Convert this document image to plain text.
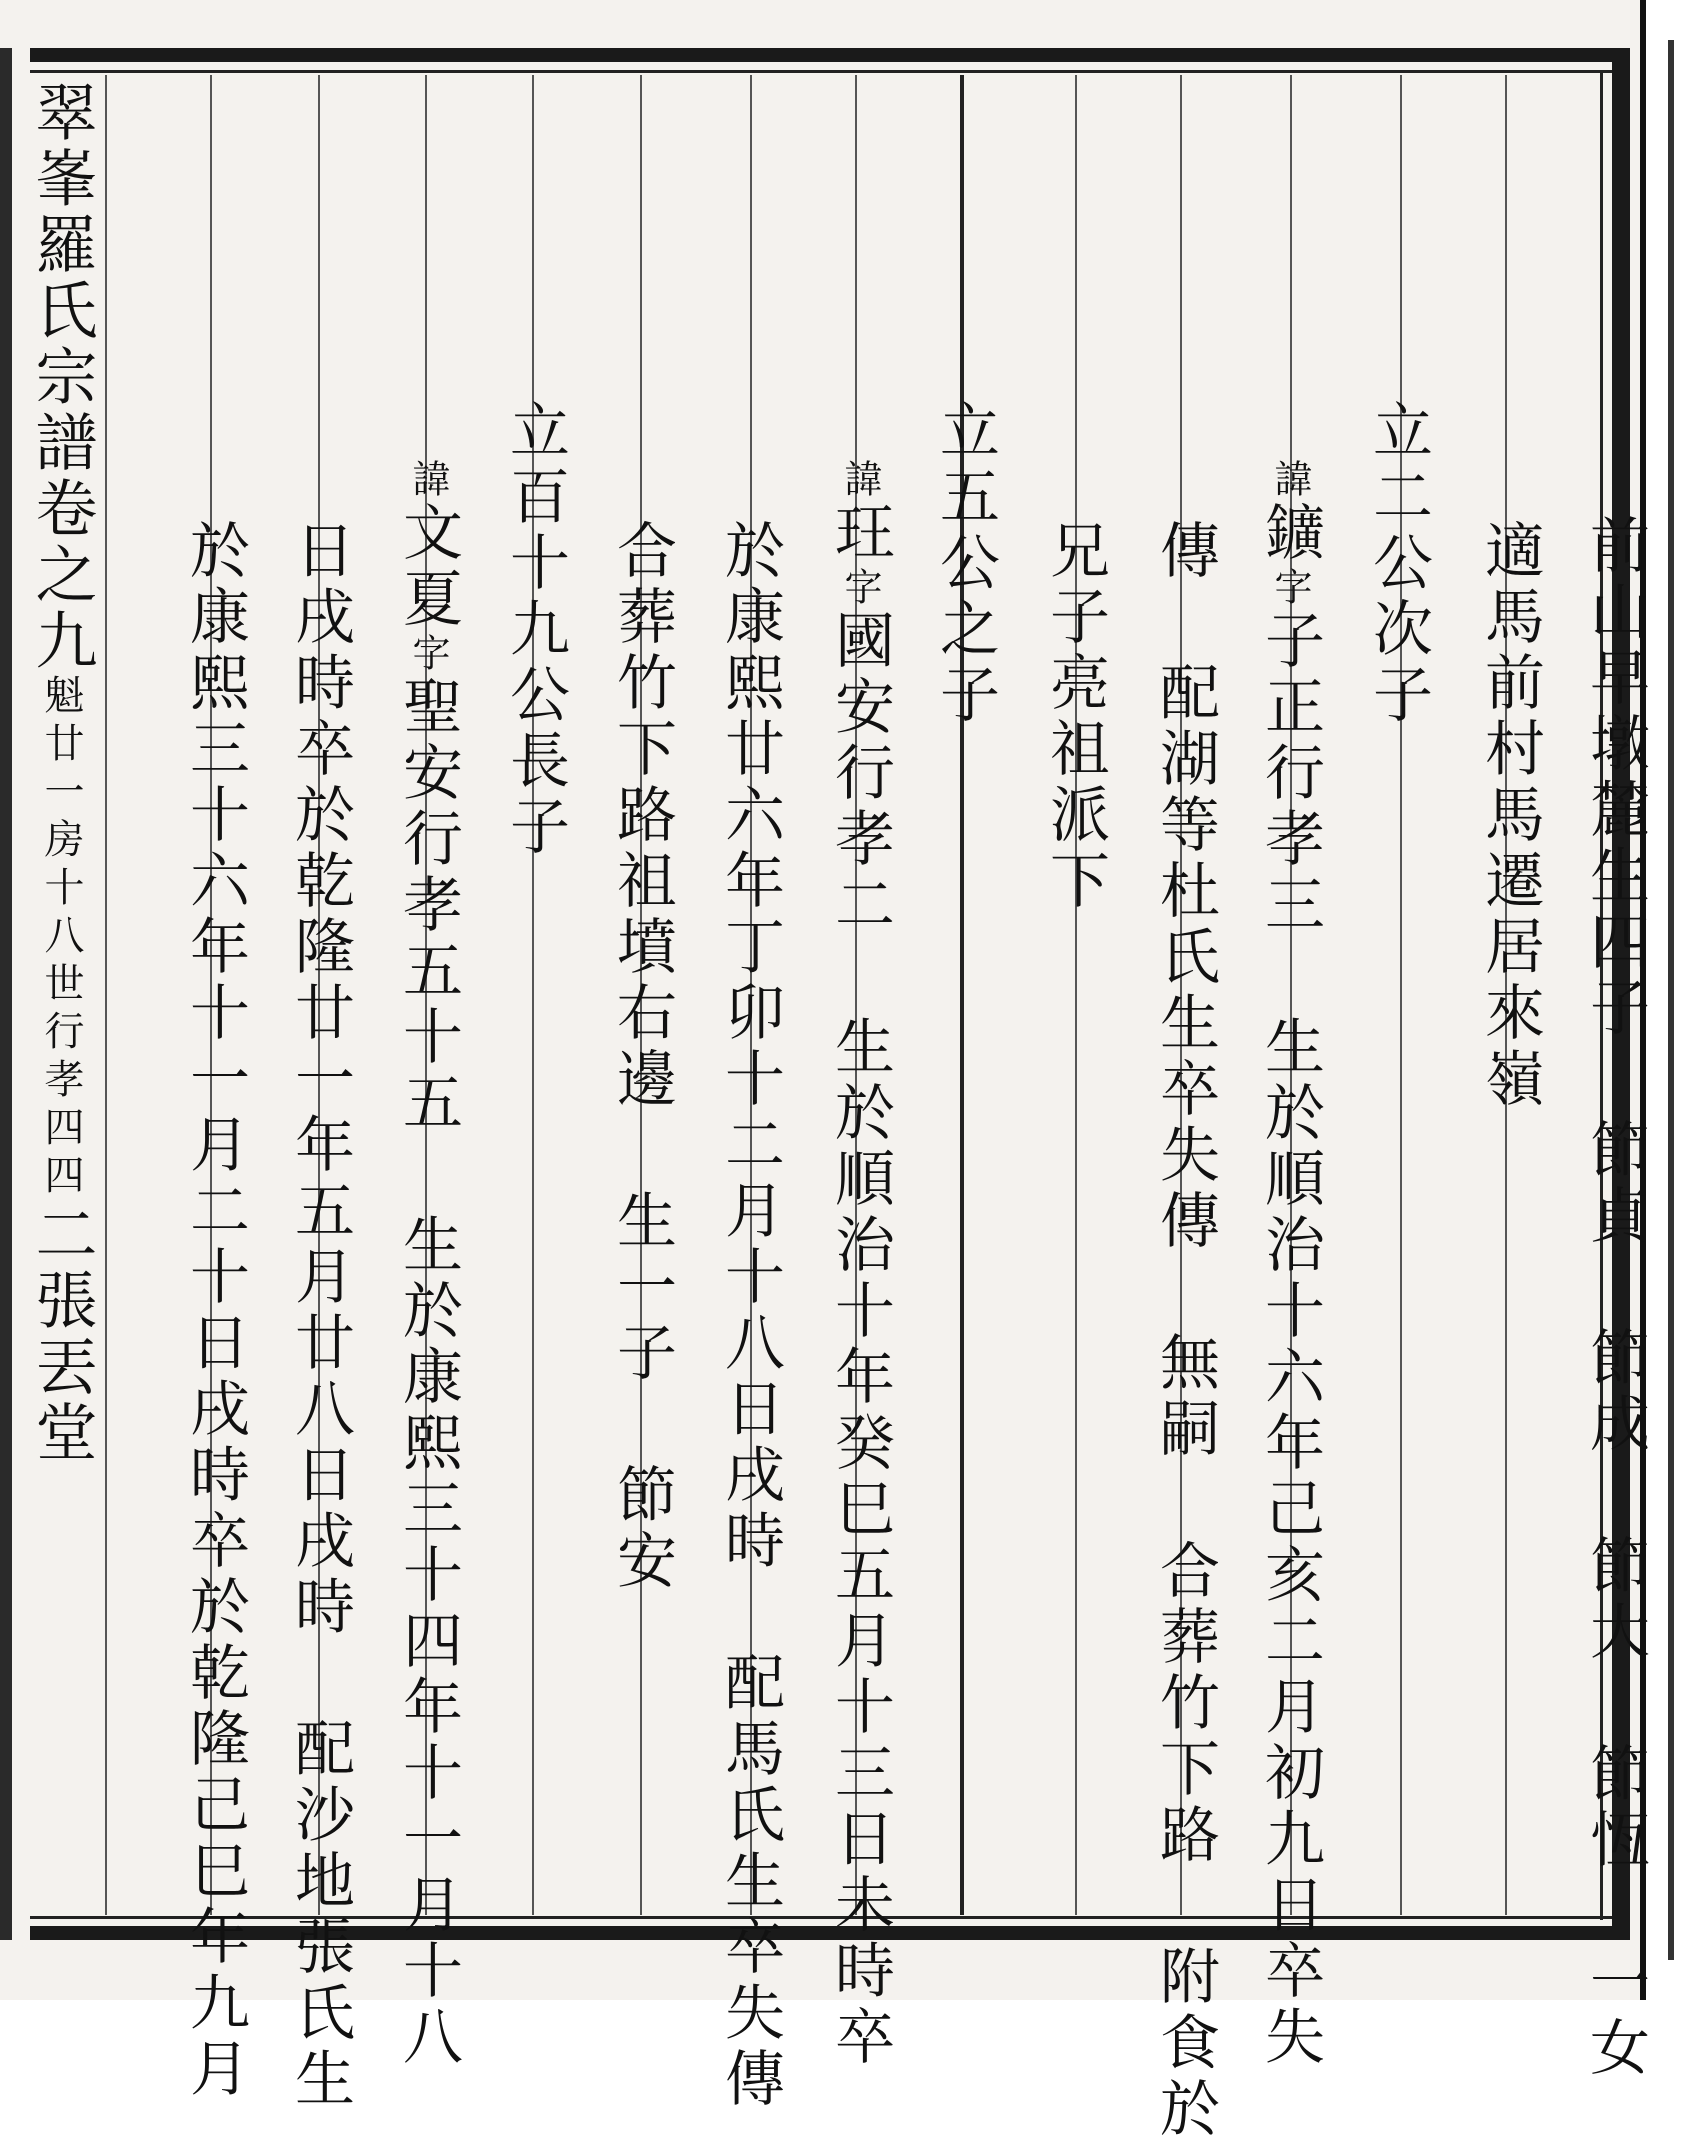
翠峯羅氏宗譜卷之九魁廿一房十八世行孝四四二張丟堂

前山早墩麓生四子 節貞 節成 節大 節恆 一女

適馬前村馬遷居來嶺

立二公次子

諱鑛字子正行孝三 生於順治十六年己亥二月初九日卒失

傳 配湖等杜氏生卒失傳 無嗣 合葬竹下路 附食於

兄子亮祖派下

立五公之子

諱玨字國安行孝二 生於順治十年癸巳五月十三日未時卒

於康熙廿六年丁卯十二月十八日戌時 配馬氏生卒失傳

合葬竹下路祖墳右邊 生一子 節安

立百十九公長子

諱文夏字聖安行孝五十五 生於康熙三十四年十一月十八

日戌時卒於乾隆廿一年五月廿八日戌時 配沙地張氏生

於康熙三十六年十一月二十日戌時卒於乾隆己巳年九月
